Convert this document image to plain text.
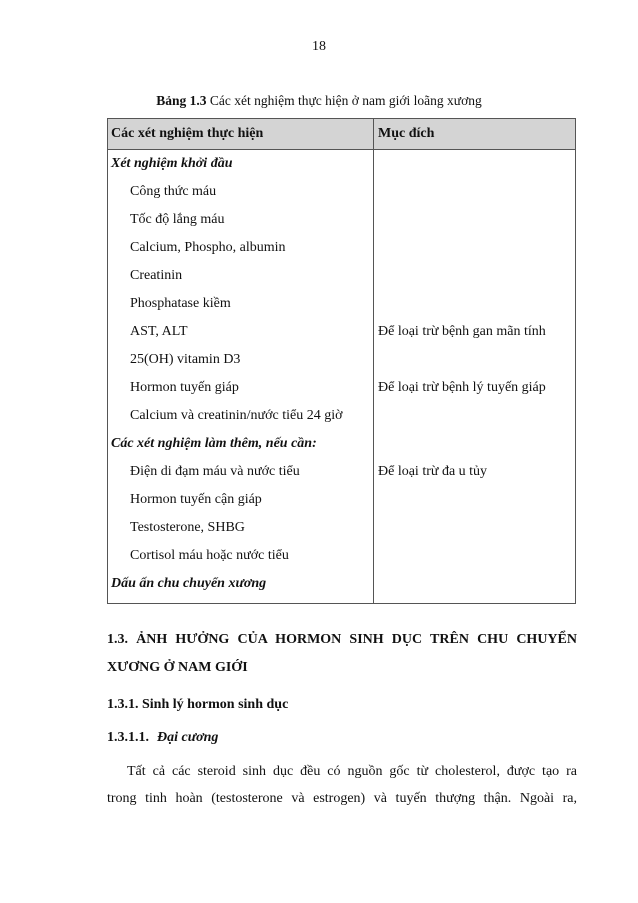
18
Bảng 1.3 Các xét nghiệm thực hiện ở nam giới loãng xương
Các xét nghiệm thực hiện	Mục đích
Xét nghiệm khởi đầu
Công thức máu
Tốc độ lắng máu
Calcium, Phospho, albumin
Creatinin
Phosphatase kiềm
AST, ALT	Để loại trừ bệnh gan mãn tính
25(OH) vitamin D3
Hormon tuyến giáp	Để loại trừ bệnh lý tuyến giáp
Calcium và creatinin/nước tiểu 24 giờ
Các xét nghiệm làm thêm, nếu cần:
Điện di đạm máu và nước tiểu	Để loại trừ đa u tủy
Hormon tuyến cận giáp
Testosterone, SHBG
Cortisol máu hoặc nước tiểu
Dấu ấn chu chuyển xương
1.3. ẢNH HƯỞNG CỦA HORMON SINH DỤC TRÊN CHU CHUYỂN
XƯƠNG Ở NAM GIỚI
1.3.1. Sinh lý hormon sinh dục
1.3.1.1. Đại cương
Tất cả các steroid sinh dục đều có nguồn gốc từ cholesterol, được tạo ra
trong tinh hoàn (testosterone và estrogen) và tuyến thượng thận. Ngoài ra,
